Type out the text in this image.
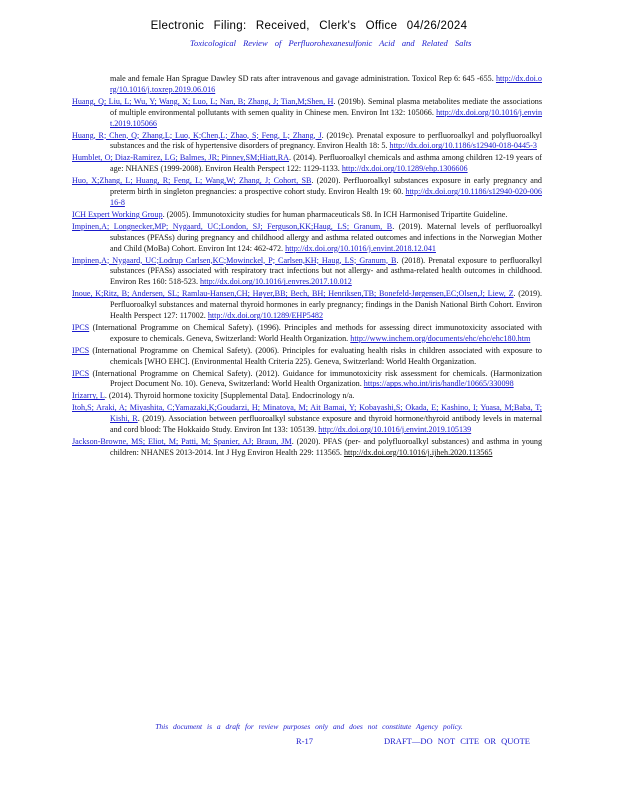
Electronic Filing: Received, Clerk's Office 04/26/2024
Toxicological Review of Perfluorohexanesulfonic Acid and Related Salts

male and female Han Sprague Dawley SD rats after intravenous and gavage administration. Toxicol Rep 6: 645 -655. http://dx.doi.org/10.1016/j.toxrep.2019.06.016

Huang, Q; Liu, L; Wu, Y; Wang, X; Luo, L; Nan, B; Zhang, J; Tian,M;Shen, H. (2019b). Seminal plasma metabolites mediate the associations of multiple environmental pollutants with semen quality in Chinese men. Environ Int 132: 105066. http://dx.doi.org/10.1016/j.envint.2019.105066

Huang, R; Chen, Q; Zhang,L; Luo, K;Chen,L; Zhao, S; Feng, L; Zhang, J. (2019c). Prenatal exposure to perfluoroalkyl and polyfluoroalkyl substances and the risk of hypertensive disorders of pregnancy. Environ Health 18: 5. http://dx.doi.org/10.1186/s12940-018-0445-3

Humblet, O; Diaz-Ramirez, LG; Balmes, JR; Pinney,SM;Hiatt,RA. (2014). Perfluoroalkyl chemicals and asthma among children 12-19 years of age: NHANES (1999-2008). Environ Health Perspect 122: 1129-1133. http://dx.doi.org/10.1289/ehp.1306606

Huo, X;Zhang, L; Huang, R; Feng, L; Wang,W; Zhang, J; Cohort, SB. (2020). Perfluoroalkyl substances exposure in early pregnancy and preterm birth in singleton pregnancies: a prospective cohort study. Environ Health 19: 60. http://dx.doi.org/10.1186/s12940-020-00616-8

ICH Expert Working Group. (2005). Immunotoxicity studies for human pharmaceuticals S8. In ICH Harmonised Tripartite Guideline.

Impinen,A; Longnecker,MP; Nygaard, UC;London, SJ; Ferguson,KK;Haug, LS; Granum, B. (2019). Maternal levels of perfluoroalkyl substances (PFASs) during pregnancy and childhood allergy and asthma related outcomes and infections in the Norwegian Mother and Child (MoBa) Cohort. Environ Int 124: 462-472. http://dx.doi.org/10.1016/j.envint.2018.12.041

Impinen,A; Nygaard, UC;Lodrup Carlsen,KC;Mowinckel, P; Carlsen,KH; Haug, LS; Granum, B. (2018). Prenatal exposure to perfluoralkyl substances (PFASs) associated with respiratory tract infections but not allergy- and asthma-related health outcomes in childhood. Environ Res 160: 518-523. http://dx.doi.org/10.1016/j.envres.2017.10.012

Inoue, K;Ritz, B; Andersen, SL; Ramlau-Hansen,CH; Høyer,BB; Bech, BH; Henriksen,TB; Bonefeld-Jørgensen,EC;Olsen,J; Liew, Z. (2019). Perfluoroalkyl substances and maternal thyroid hormones in early pregnancy; findings in the Danish National Birth Cohort. Environ Health Perspect 127: 117002. http://dx.doi.org/10.1289/EHP5482

IPCS (International Programme on Chemical Safety). (1996). Principles and methods for assessing direct immunotoxicity associated with exposure to chemicals. Geneva, Switzerland: World Health Organization. http://www.inchem.org/documents/ehc/ehc/ehc180.htm

IPCS (International Programme on Chemical Safety). (2006). Principles for evaluating health risks in children associated with exposure to chemicals [WHO EHC]. (Environmental Health Criteria 225). Geneva, Switzerland: World Health Organization.

IPCS (International Programme on Chemical Safety). (2012). Guidance for immunotoxicity risk assessment for chemicals. (Harmonization Project Document No. 10). Geneva, Switzerland: World Health Organization. https://apps.who.int/iris/handle/10665/330098

Irizarry, L. (2014). Thyroid hormone toxicity [Supplemental Data]. Endocrinology n/a.

Itoh,S; Araki, A; Miyashita, C;Yamazaki,K;Goudarzi, H; Minatoya, M; Ait Bamai, Y; Kobayashi,S; Okada, E; Kashino, I; Yuasa, M;Baba, T; Kishi, R. (2019). Association between perfluoroalkyl substance exposure and thyroid hormone/thyroid antibody levels in maternal and cord blood: The Hokkaido Study. Environ Int 133: 105139. http://dx.doi.org/10.1016/j.envint.2019.105139

Jackson-Browne, MS; Eliot, M; Patti, M; Spanier, AJ; Braun, JM. (2020). PFAS (per- and polyfluoroalkyl substances) and asthma in young children: NHANES 2013-2014. Int J Hyg Environ Health 229: 113565. http://dx.doi.org/10.1016/j.ijheh.2020.113565

This document is a draft for review purposes only and does not constitute Agency policy.
R-17	DRAFT—DO NOT CITE OR QUOTE
